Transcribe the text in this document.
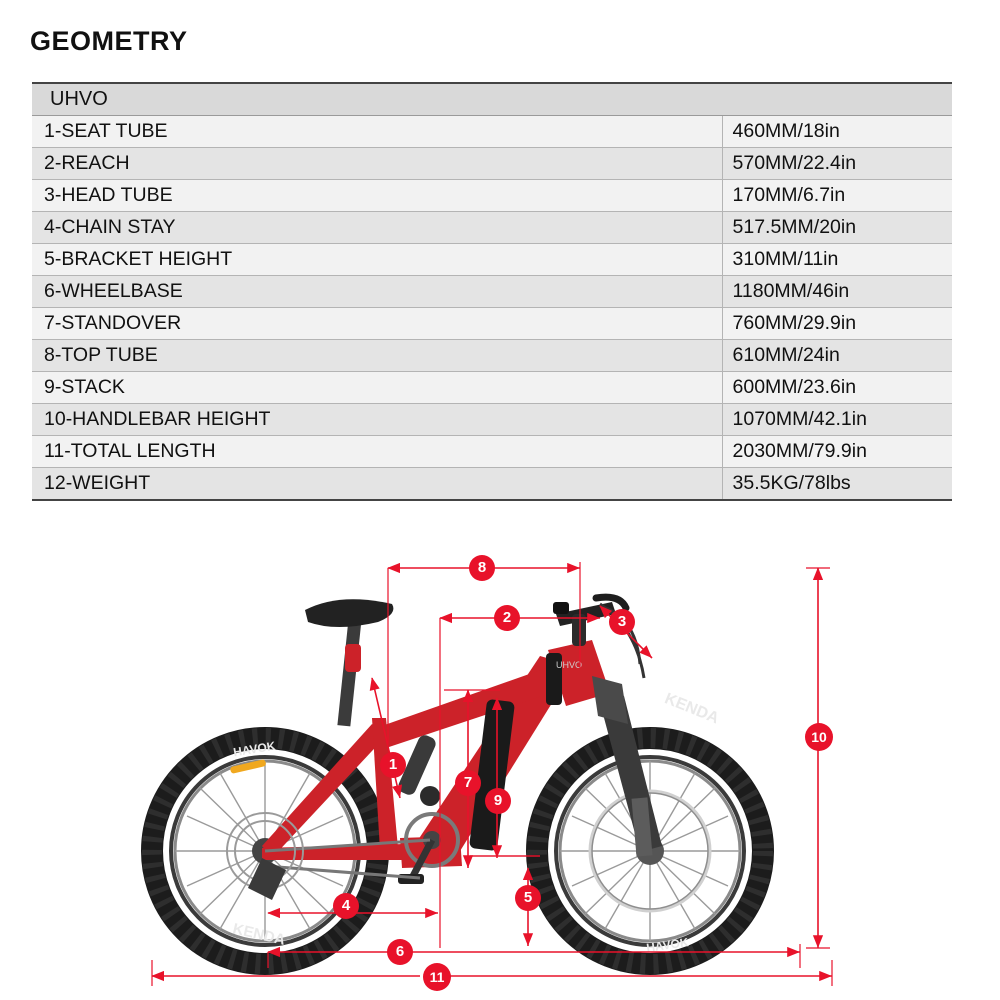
GEOMETRY
UHVO	
1-SEAT TUBE	460MM/18in
2-REACH	570MM/22.4in
3-HEAD TUBE	170MM/6.7in
4-CHAIN STAY	517.5MM/20in
5-BRACKET HEIGHT	310MM/11in
6-WHEELBASE	1180MM/46in
7-STANDOVER	760MM/29.9in
8-TOP TUBE	610MM/24in
9-STACK	600MM/23.6in
10-HANDLEBAR HEIGHT	1070MM/42.1in
11-TOTAL LENGTH	2030MM/79.9in
12-WEIGHT	35.5KG/78lbs
KENDA
HAVOK
KENDA
HAVOK
UHVO
8
2	3
1
7
9
4	5
6
11
10
